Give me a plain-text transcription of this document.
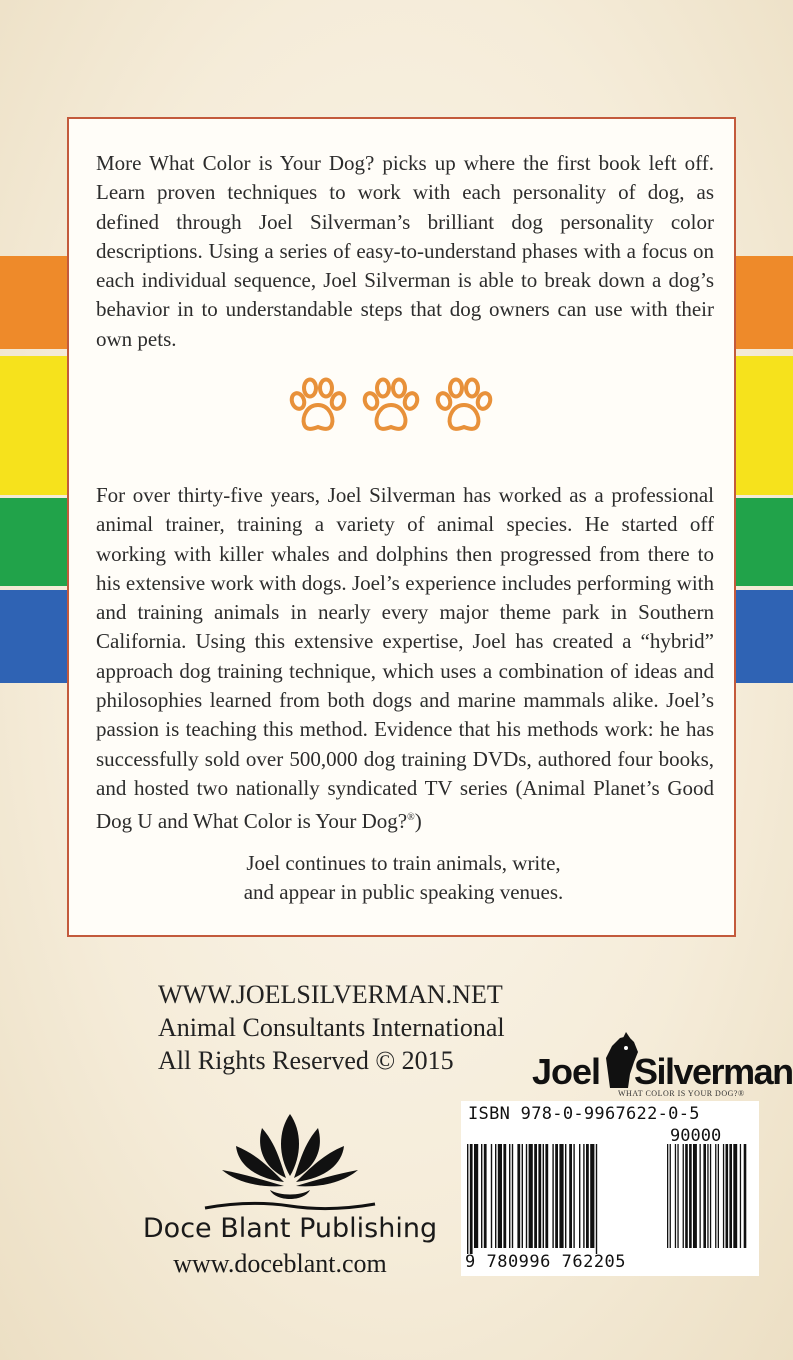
More What Color is Your Dog? picks up where the first book left off. Learn proven techniques to work with each personality of dog, as defined through Joel Silverman’s brilliant dog personality color descriptions. Using a series of easy-to-understand phases with a focus on each individual sequence, Joel Silverman is able to break down a dog’s behavior in to understandable steps that dog owners can use with their own pets.

For over thirty-five years, Joel Silverman has worked as a professional animal trainer, training a variety of animal species. He started off working with killer whales and dolphins then progressed from there to his extensive work with dogs. Joel’s experience includes performing with and training animals in nearly every major theme park in Southern California. Using this extensive expertise, Joel has created a “hybrid” approach dog training technique, which uses a combination of ideas and philosophies learned from both dogs and marine mammals alike. Joel’s passion is teaching this method. Evidence that his methods work: he has successfully sold over 500,000 dog training DVDs, authored four books, and hosted two nationally syndicated TV series (Animal Planet’s Good Dog U and What Color is Your Dog?®)

Joel continues to train animals, write,
and appear in public speaking venues.
WWW.JOELSILVERMAN.NET
Animal Consultants International
All Rights Reserved © 2015
Doce Blant Publishing
www.doceblant.com
Joel Silverman
WHAT COLOR IS YOUR DOG?®
ISBN 978-0-9967622-0-5
9 780996 762205
90000
